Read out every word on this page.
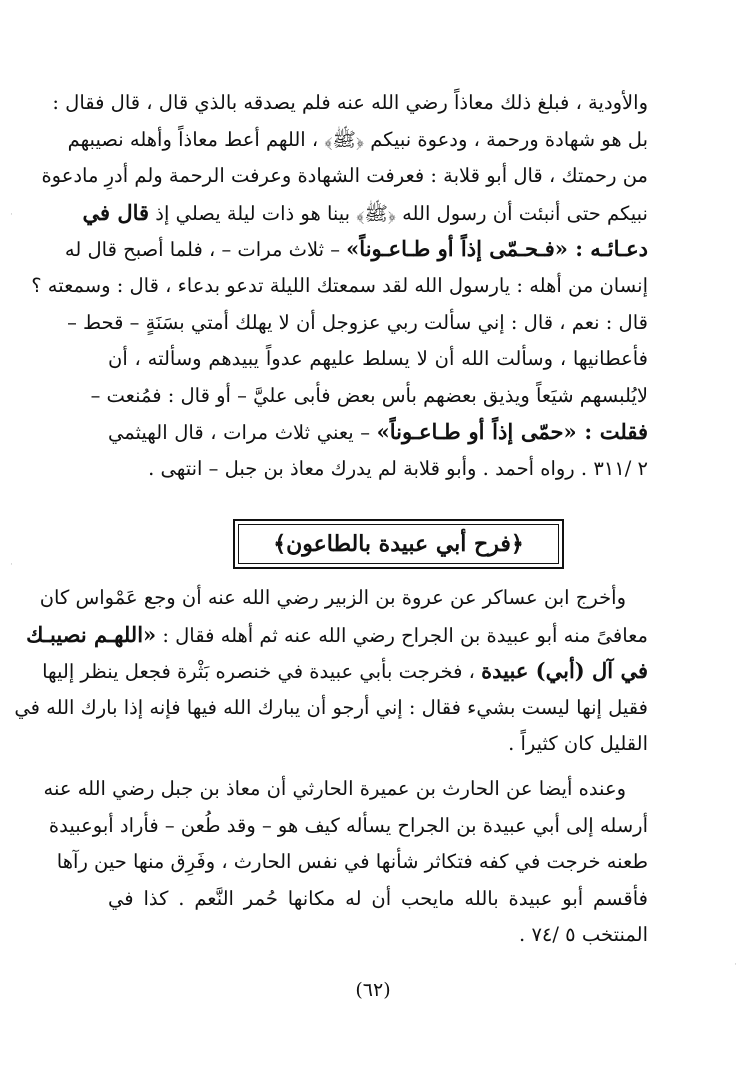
والأودية ، فبلغ ذلك معاذاً رضي الله عنه فلم يصدقه بالذي قال ، قال فقال :
بل هو شهادة ورحمة ، ودعوة نبيكم ﴿ﷺ﴾ ، اللهم أعط معاذاً وأهله نصيبهم
من رحمتك ، قال أبو قلابة : فعرفت الشهادة وعرفت الرحمة ولم أدرِ مادعوة
نبيكم حتى أنبئت أن رسول الله ﴿ﷺ﴾ بينا هو ذات ليلة يصلي إذ قال في
دعـائـه : «فـحـمّى إذاً أو طـاعـوناً» – ثلاث مرات – ، فلما أصبح قال له
إنسان من أهله : يارسول الله لقد سمعتك الليلة تدعو بدعاء ، قال : وسمعته ؟
قال : نعم ، قال : إني سألت ربي عزوجل أن لا يهلك أمتي بسَنَةٍ – قحط –
فأعطانيها ، وسألت الله أن لا يسلط عليهم عدواً يبيدهم وسألته ، أن
لايُلبسهم شيَعاً ويذيق بعضهم بأس بعض فأبى عليَّ – أو قال : فمُنعت –
فقلت : «حمّى إذاً أو طـاعـوناً» – يعني ثلاث مرات ، قال الهيثمي
٢ /٣١١ . رواه أحمد . وأبو قلابة لم يدرك معاذ بن جبل – انتهى .
﴿فرح أبي عبيدة بالطاعون﴾
وأخرج ابن عساكر عن عروة بن الزبير رضي الله عنه أن وجع عَمْواس كان
معافىً منه أبو عبيدة بن الجراح رضي الله عنه ثم أهله فقال : «اللهـم نصيبـك
في آل (أبي) عبيدة ، فخرجت بأبي عبيدة في خنصره بَثْرة فجعل ينظر إليها
فقيل إنها ليست بشيء فقال : إني أرجو أن يبارك الله فيها فإنه إذا بارك الله في
القليل كان كثيراً .
وعنده أيضا عن الحارث بن عميرة الحارثي أن معاذ بن جبل رضي الله عنه
أرسله إلى أبي عبيدة بن الجراح يسأله كيف هو – وقد طُعن – فأراد أبوعبيدة
طعنه خرجت في كفه فتكاثر شأنها في نفس الحارث ، وفَرِق منها حين رآها
فأقسم أبو عبيدة بالله مايحب أن له مكانها حُمر النَّعم . كذا في
المنتخب ٥ /٧٤ .
(٦٢)
·
·
·
